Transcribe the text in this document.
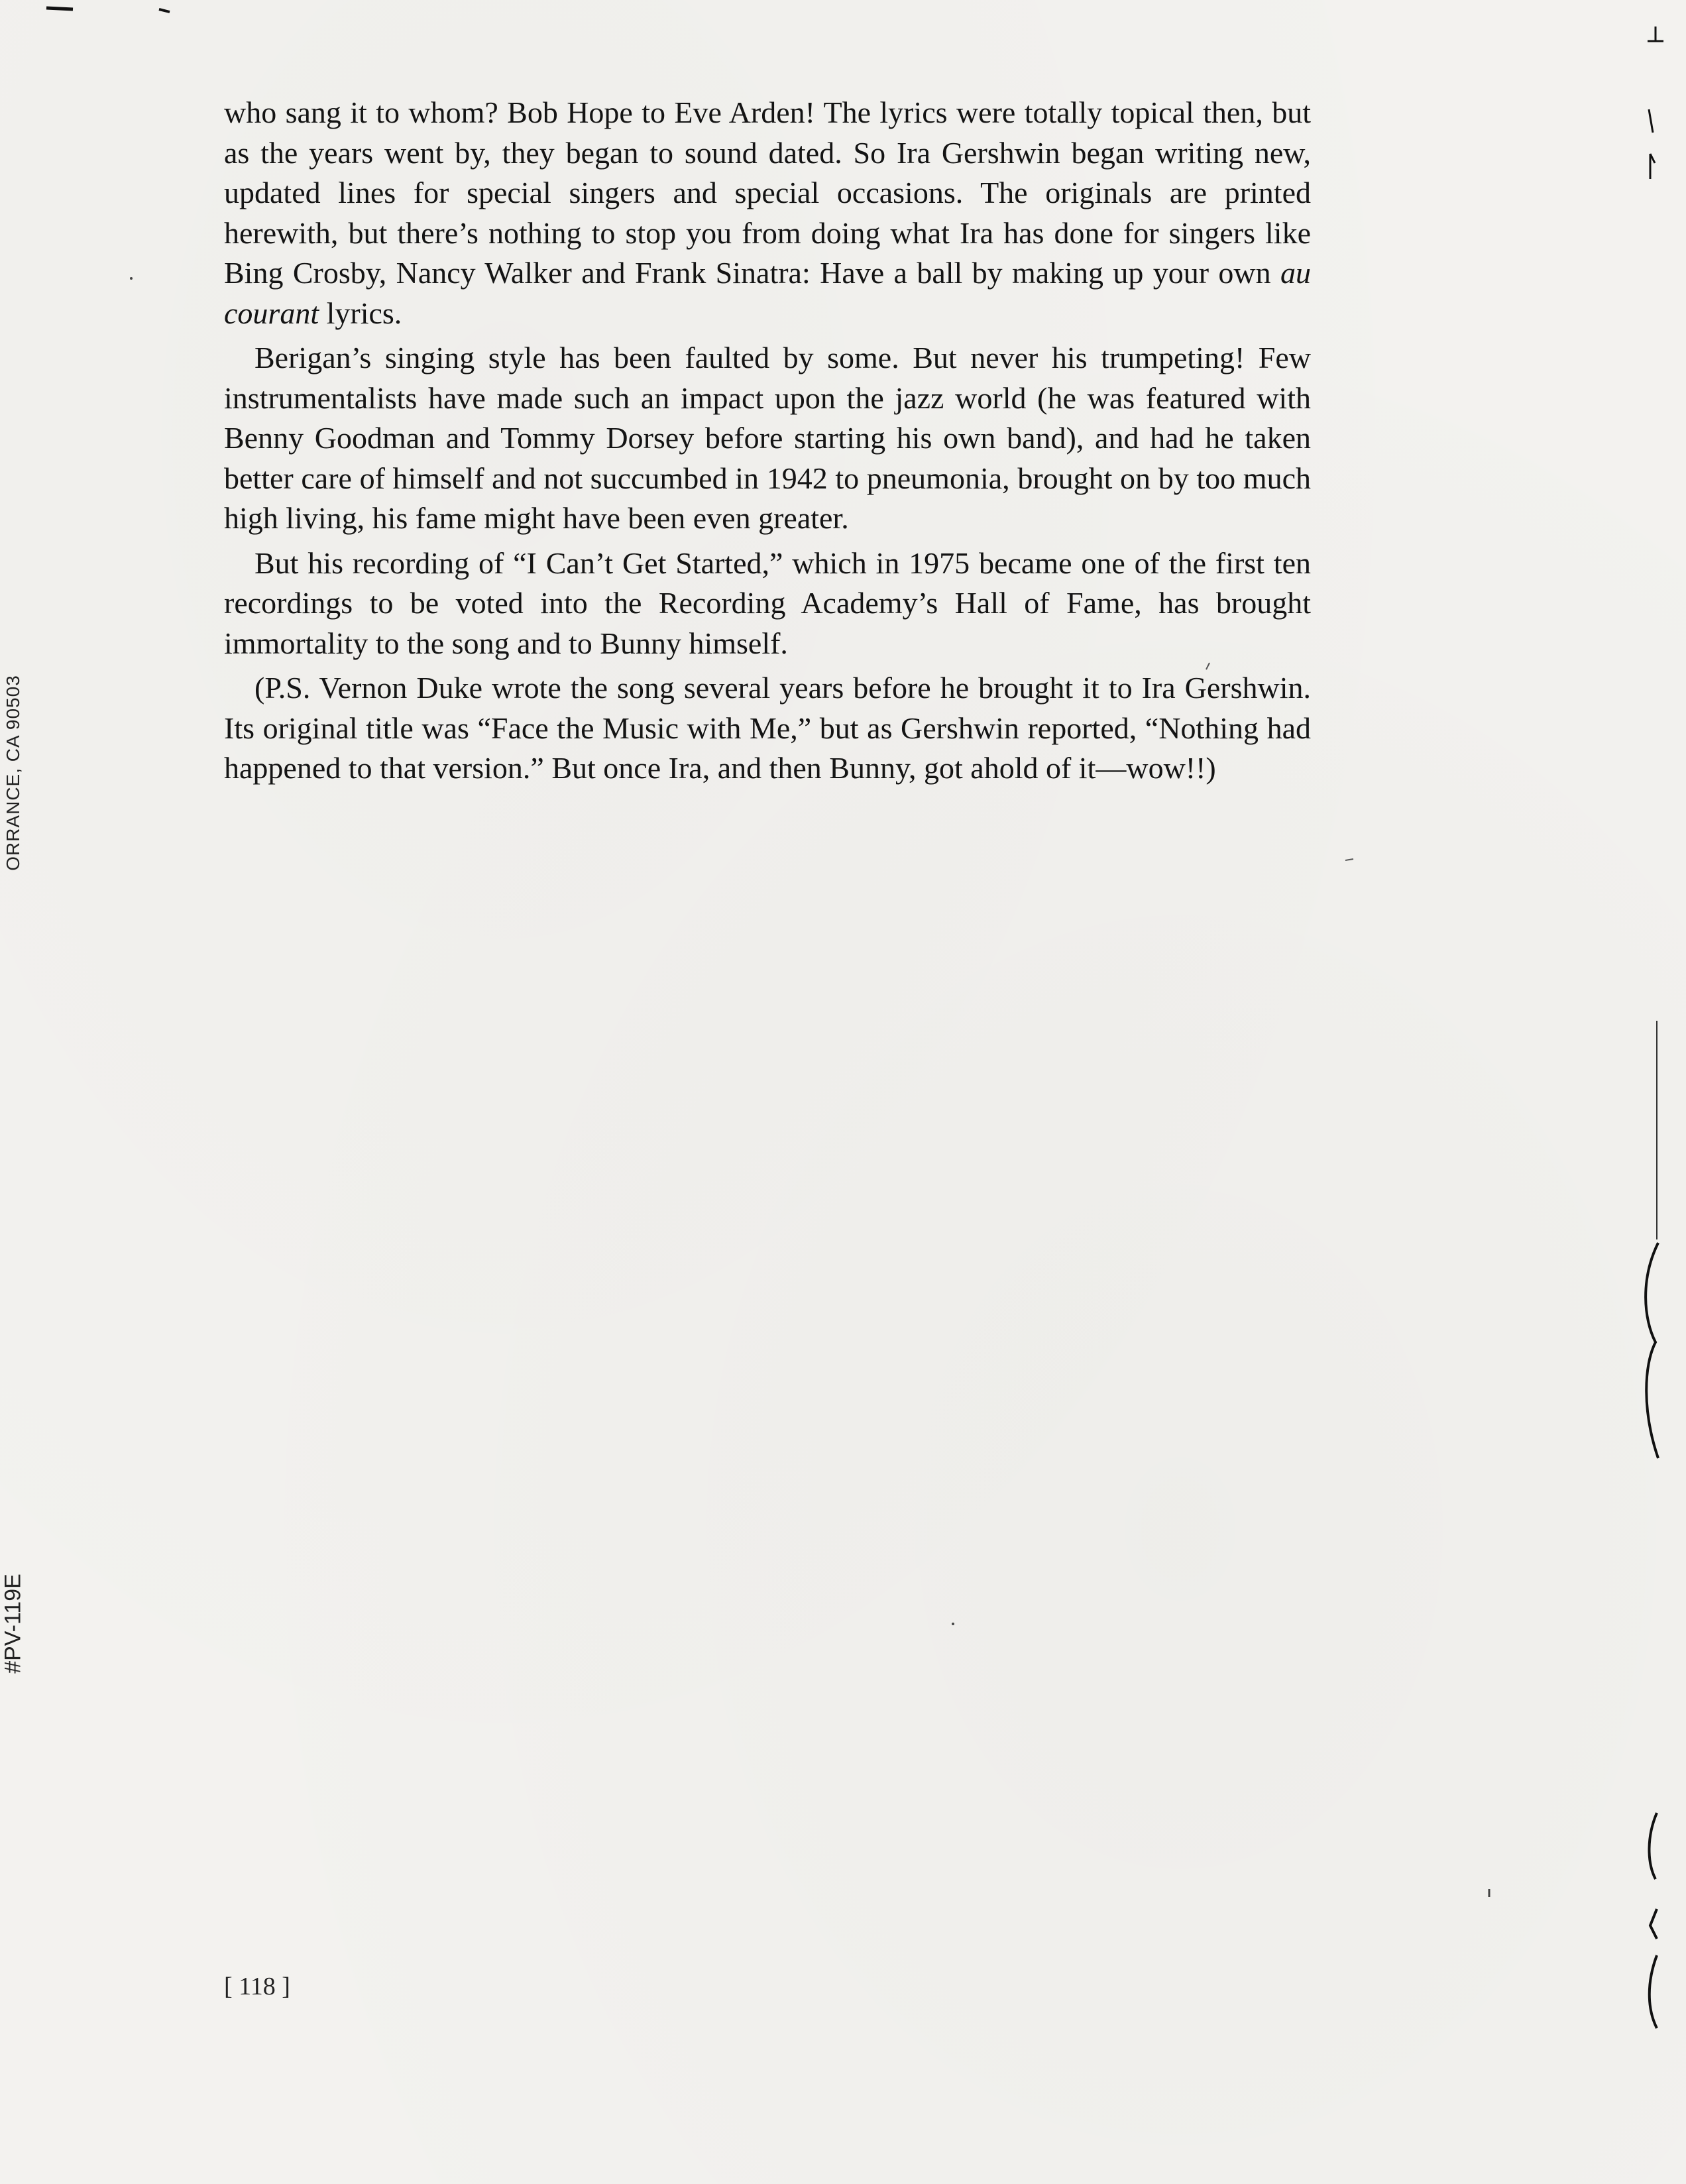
who sang it to whom? Bob Hope to Eve Arden! The lyrics were totally topical then, but as the years went by, they began to sound dated. So Ira Gershwin began writing new, updated lines for special singers and special occasions. The originals are printed herewith, but there’s nothing to stop you from doing what Ira has done for singers like Bing Crosby, Nancy Walker and Frank Sinatra: Have a ball by making up your own au courant lyrics.

Berigan’s singing style has been faulted by some. But never his trumpeting! Few instrumentalists have made such an impact upon the jazz world (he was featured with Benny Goodman and Tommy Dorsey before starting his own band), and had he taken better care of himself and not succumbed in 1942 to pneumonia, brought on by too much high living, his fame might have been even greater.

But his recording of “I Can’t Get Started,” which in 1975 became one of the first ten recordings to be voted into the Recording Academy’s Hall of Fame, has brought immortality to the song and to Bunny himself.

(P.S. Vernon Duke wrote the song several years before he brought it to Ira Gershwin. Its original title was “Face the Music with Me,” but as Gershwin reported, “Nothing had happened to that version.” But once Ira, and then Bunny, got ahold of it—wow!!)

[ 118 ]
ORRANCE, CA 90503
#PV-119E
